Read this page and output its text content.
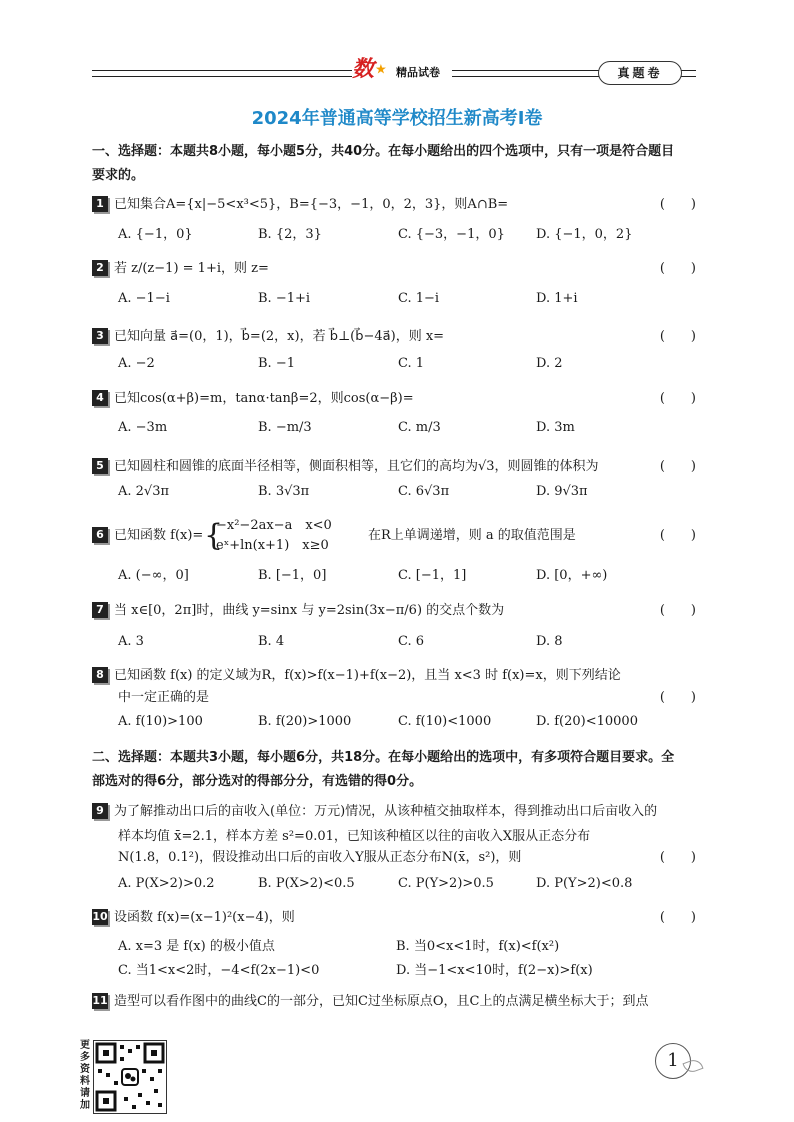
数⋆ 精品试卷	真题卷
2024年普通高等学校招生新高考Ⅰ卷
一、选择题：本题共8小题，每小题5分，共40分。在每小题给出的四个选项中，只有一项是符合题目
要求的。
1 已知集合A={x|−5<x³<5}，B={−3，−1，0，2，3}，则A∩B=	(　　)
A. {−1，0}	B. {2，3}	C. {−3，−1，0} D. {−1，0，2}
2 若 z/(z−1) = 1+i，则 z=	(　　)
A. −1−i	B. −1+i	C. 1−i	D. 1+i
3 已知向量 a⃗=(0，1)，b⃗=(2，x)，若 b⃗⊥(b⃗−4a⃗)，则 x=	(　　)
A. −2	B. −1	C. 1	D. 2
4 已知cos(α+β)=m，tanα·tanβ=2，则cos(α−β)=	(　　)
A. −3m	B. −m/3	C. m/3	D. 3m
5 已知圆柱和圆锥的底面半径相等，侧面积相等，且它们的高均为√3，则圆锥的体积为	(　　)
A. 2√3π	B. 3√3π	C. 6√3π	D. 9√3π
6 已知函数 f(x)= {
−x²−2ax−a　x<0
eˣ+ln(x+1)　x≥0
在R上单调递增，则 a 的取值范围是	(　　)
A. (−∞，0]	B. [−1，0]	C. [−1，1]	D. [0，+∞)
7 当 x∈[0，2π]时，曲线 y=sinx 与 y=2sin(3x−π/6) 的交点个数为	(　　)
A. 3	B. 4	C. 6	D. 8
8 已知函数 f(x) 的定义域为R，f(x)>f(x−1)+f(x−2)，且当 x<3 时 f(x)=x，则下列结论
中一定正确的是	(　　)
A. f(10)>100	B. f(20)>1000	C. f(10)<1000	D. f(20)<10000
二、选择题：本题共3小题，每小题6分，共18分。在每小题给出的选项中，有多项符合题目要求。全
部选对的得6分，部分选对的得部分分，有选错的得0分。
9 为了解推动出口后的亩收入(单位：万元)情况，从该种植交抽取样本，得到推动出口后亩收入的
样本均值 x̄=2.1，样本方差 s²=0.01，已知该种植区以往的亩收入X服从正态分布
N(1.8，0.1²)，假设推动出口后的亩收入Y服从正态分布N(x̄，s²)，则	(　　)
A. P(X>2)>0.2	B. P(X>2)<0.5	C. P(Y>2)>0.5	D. P(Y>2)<0.8
10 设函数 f(x)=(x−1)²(x−4)，则	(　　)
A. x=3 是 f(x) 的极小值点	B. 当0<x<1时，f(x)<f(x²)
C. 当1<x<2时，−4<f(2x−1)<0	D. 当−1<x<10时，f(2−x)>f(x)
11 造型可以看作图中的曲线C的一部分，已知C过坐标原点O，且C上的点满足横坐标大于；到点
更多资料请加
1
